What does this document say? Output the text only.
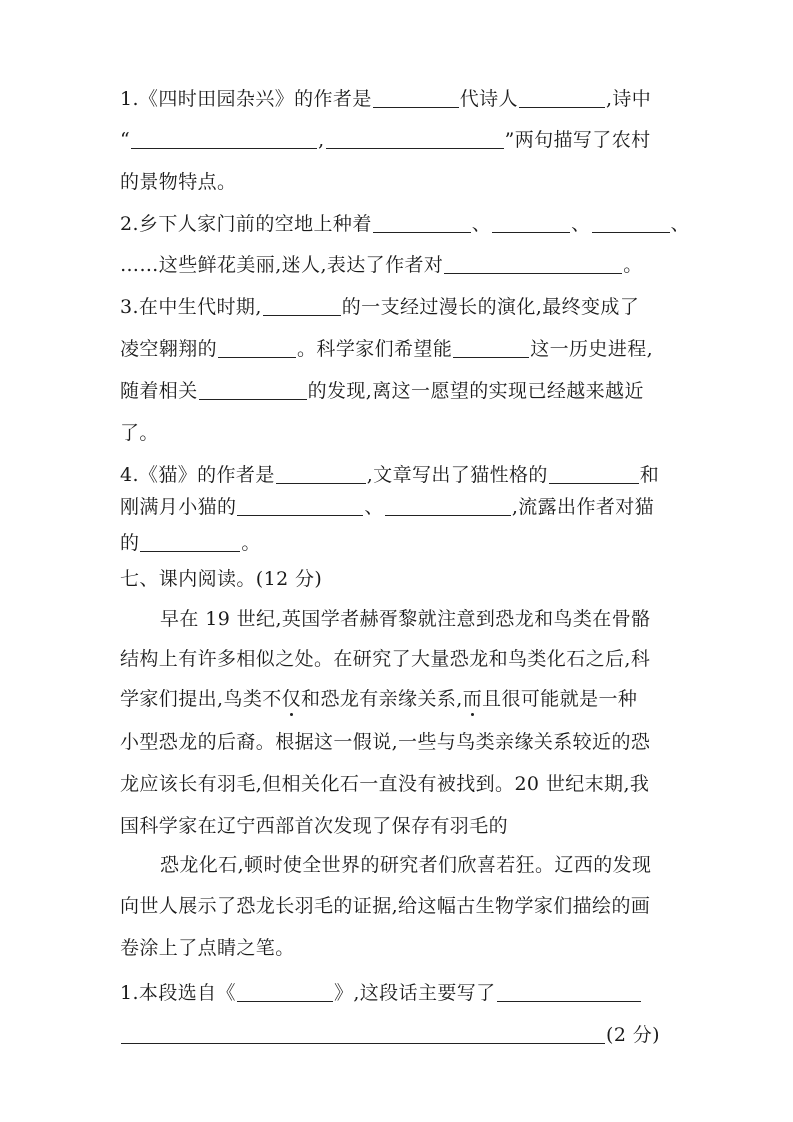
1.《四时田园杂兴》的作者是	代诗人	,诗中
“	,	”两句描写了农村
的景物特点。
2.乡下人家门前的空地上种着	、	、	、
……这些鲜花美丽,迷人,表达了作者对	。
3.在中生代时期,	的一支经过漫长的演化,最终变成了
凌空翱翔的	。科学家们希望能	这一历史进程,
随着相关	的发现,离这一愿望的实现已经越来越近
了。
4.《猫》的作者是	,文章写出了猫性格的	和
刚满月小猫的	、	,流露出作者对猫
的	。
七、课内阅读。(12 分)
早在 19 世纪,英国学者赫胥黎就注意到恐龙和鸟类在骨骼
结构上有许多相似之处。在研究了大量恐龙和鸟类化石之后,科
学家们提出,鸟类不仅和恐龙有亲缘关系,而且很可能就是一种
小型恐龙的后裔。根据这一假说,一些与鸟类亲缘关系较近的恐
龙应该长有羽毛,但相关化石一直没有被找到。20 世纪末期,我
国科学家在辽宁西部首次发现了保存有羽毛的
恐龙化石,顿时使全世界的研究者们欣喜若狂。辽西的发现
向世人展示了恐龙长羽毛的证据,给这幅古生物学家们描绘的画
卷涂上了点睛之笔。
1.本段选自《	》,这段话主要写了
(2 分)
